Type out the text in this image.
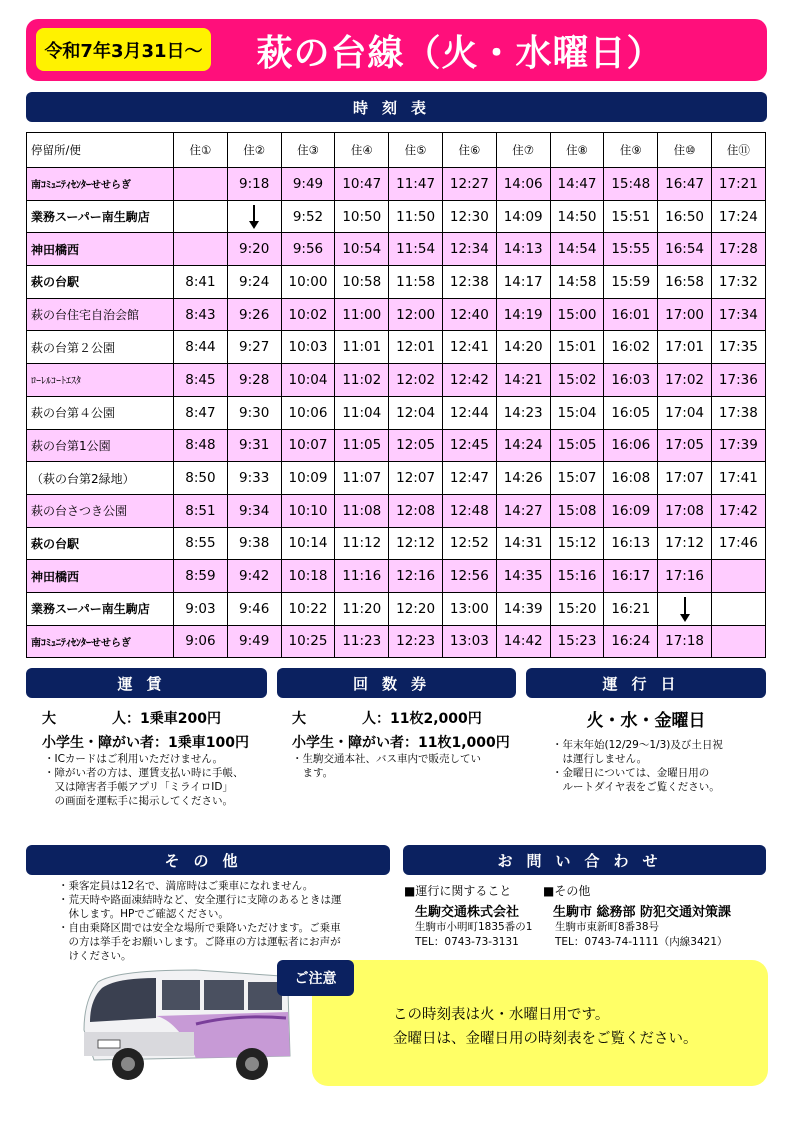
令和7年3月31日～	萩の台線（火・水曜日）
時刻表
停留所/便	住①	住②	住③	住④	住⑤	住⑥	住⑦	住⑧	住⑨	住⑩	住⑪
南ｺﾐｭﾆﾃｨｾﾝﾀｰせせらぎ		9:18	9:49	10:47	11:47	12:27	14:06	14:47	15:48	16:47	17:21
業務スーパー南生駒店			9:52	10:50	11:50	12:30	14:09	14:50	15:51	16:50	17:24
神田橋西		9:20	9:56	10:54	11:54	12:34	14:13	14:54	15:55	16:54	17:28
萩の台駅	8:41	9:24	10:00	10:58	11:58	12:38	14:17	14:58	15:59	16:58	17:32
萩の台住宅自治会館	8:43	9:26	10:02	11:00	12:00	12:40	14:19	15:00	16:01	17:00	17:34
萩の台第２公園	8:44	9:27	10:03	11:01	12:01	12:41	14:20	15:01	16:02	17:01	17:35
ﾛｰﾚﾙｺｰﾄｴｽﾀ	8:45	9:28	10:04	11:02	12:02	12:42	14:21	15:02	16:03	17:02	17:36
萩の台第４公園	8:47	9:30	10:06	11:04	12:04	12:44	14:23	15:04	16:05	17:04	17:38
萩の台第1公園	8:48	9:31	10:07	11:05	12:05	12:45	14:24	15:05	16:06	17:05	17:39
（萩の台第2緑地）	8:50	9:33	10:09	11:07	12:07	12:47	14:26	15:07	16:08	17:07	17:41
萩の台さつき公園	8:51	9:34	10:10	11:08	12:08	12:48	14:27	15:08	16:09	17:08	17:42
萩の台駅	8:55	9:38	10:14	11:12	12:12	12:52	14:31	15:12	16:13	17:12	17:46
神田橋西	8:59	9:42	10:18	11:16	12:16	12:56	14:35	15:16	16:17	17:16	
業務スーパー南生駒店	9:03	9:46	10:22	11:20	12:20	13:00	14:39	15:20	16:21	

南ｺﾐｭﾆﾃｨｾﾝﾀｰせせらぎ	9:06	9:49	10:25	11:23	12:23	13:03	14:42	15:23	16:24	17:18	
運賃
大　　　　人：1乗車200円
小学生・障がい者：1乗車100円
・ICカードはご利用いただけません。
・障がい者の方は、運賃支払い時に手帳、
　又は障害者手帳アプリ「ミライロID」
　の画面を運転手に掲示してください。
回数券
大　　　　人：11枚2,000円
小学生・障がい者：11枚1,000円
・生駒交通本社、バス車内で販売してい
　ます。
運行日
火・水・金曜日
・年末年始(12/29～1/3)及び土日祝
　は運行しません。
・金曜日については、金曜日用の
　ルートダイヤ表をご覧ください。
その他
・乗客定員は12名で、満席時はご乗車になれません。
・荒天時や路面凍結時など、安全運行に支障のあるときは運
　休します。HPでご確認ください。
・自由乗降区間では安全な場所で乗降いただけます。ご乗車
　の方は挙手をお願いします。ご降車の方は運転者にお声が
　けください。
お問い合わせ
■運行に関すること
生駒交通株式会社
生駒市小明町1835番の1
TEL：0743-73-3131
■その他
生駒市 総務部 防犯交通対策課
生駒市東新町8番38号
TEL：0743-74-1111（内線3421）
ご注意
この時刻表は火・水曜日用です。
金曜日は、金曜日用の時刻表をご覧ください。
